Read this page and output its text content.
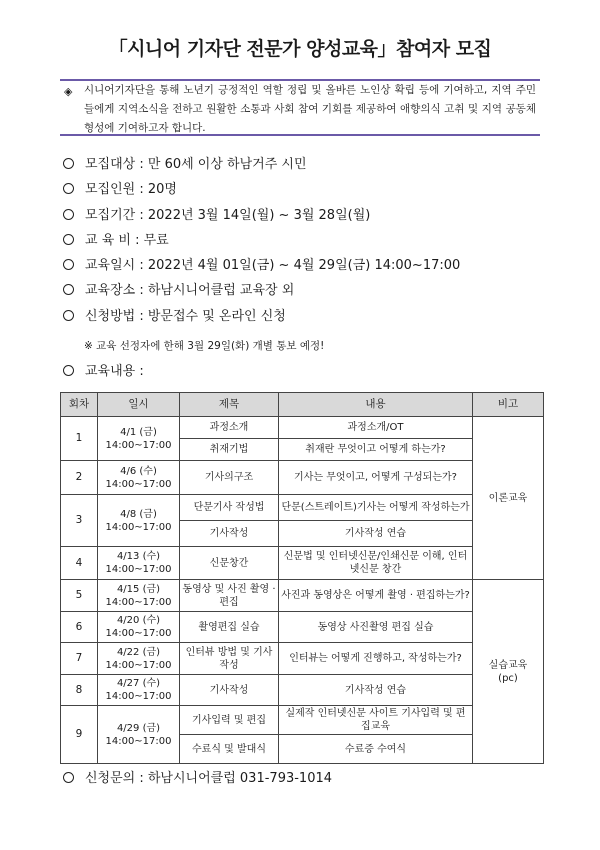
「시니어 기자단 전문가 양성교육」참여자 모집
◈ 시니어기자단을 통해 노년기 긍정적인 역할 정립 및 올바른 노인상 확립 등에 기여하고, 지역 주민들에게 지역소식을 전하고 원활한 소통과 사회 참여 기회를 제공하여 애향의식 고취 및 지역 공동체 형성에 기여하고자 합니다.
모집대상 : 만 60세 이상 하남거주 시민
모집인원 : 20명
모집기간 : 2022년 3월 14일(월) ~ 3월 28일(월)
교 육 비 : 무료
교육일시 : 2022년 4월 01일(금) ~ 4월 29일(금) 14:00~17:00
교육장소 : 하남시니어클럽 교육장 외
신청방법 : 방문접수 및 온라인 신청
※ 교육 선정자에 한해 3월 29일(화) 개별 통보 예정!
교육내용 :
회차	일시	제목	내용	비고
1	4/1 (금)
14:00~17:00	과정소개	과정소개/OT	이론교육
		취재기법	취재란 무엇이고 어떻게 하는가?	
2	4/6 (수)
14:00~17:00	기사의구조	기사는 무엇이고, 어떻게 구성되는가?	
3	4/8 (금)
14:00~17:00	단문기사 작성법	단문(스트레이트)기사는 어떻게 작성하는가	
		기사작성	기사작성 연습	
4	4/13 (수)
14:00~17:00	신문창간	신문법 및 인터넷신문/인쇄신문 이해, 인터넷신문 창간	
5	4/15 (금)
14:00~17:00	동영상 및 사진 촬영 · 편집	사진과 동영상은 어떻게 촬영 · 편집하는가?	실습교육
(pc)

6	4/20 (수)
14:00~17:00	촬영편집 실습	동영상 사진촬영 편집 실습	
7	4/22 (금)
14:00~17:00	인터뷰 방법 및 기사작성	인터뷰는 어떻게 진행하고, 작성하는가?	
8	4/27 (수)
14:00~17:00	기사작성	기사작성 연습	
9	4/29 (금)
14:00~17:00	기사입력 및 편집	실제작 인터넷신문 사이트 기사입력 및 편집교육	
		수료식 및 발대식	수료증 수여식	
신청문의 : 하남시니어클럽 031-793-1014
